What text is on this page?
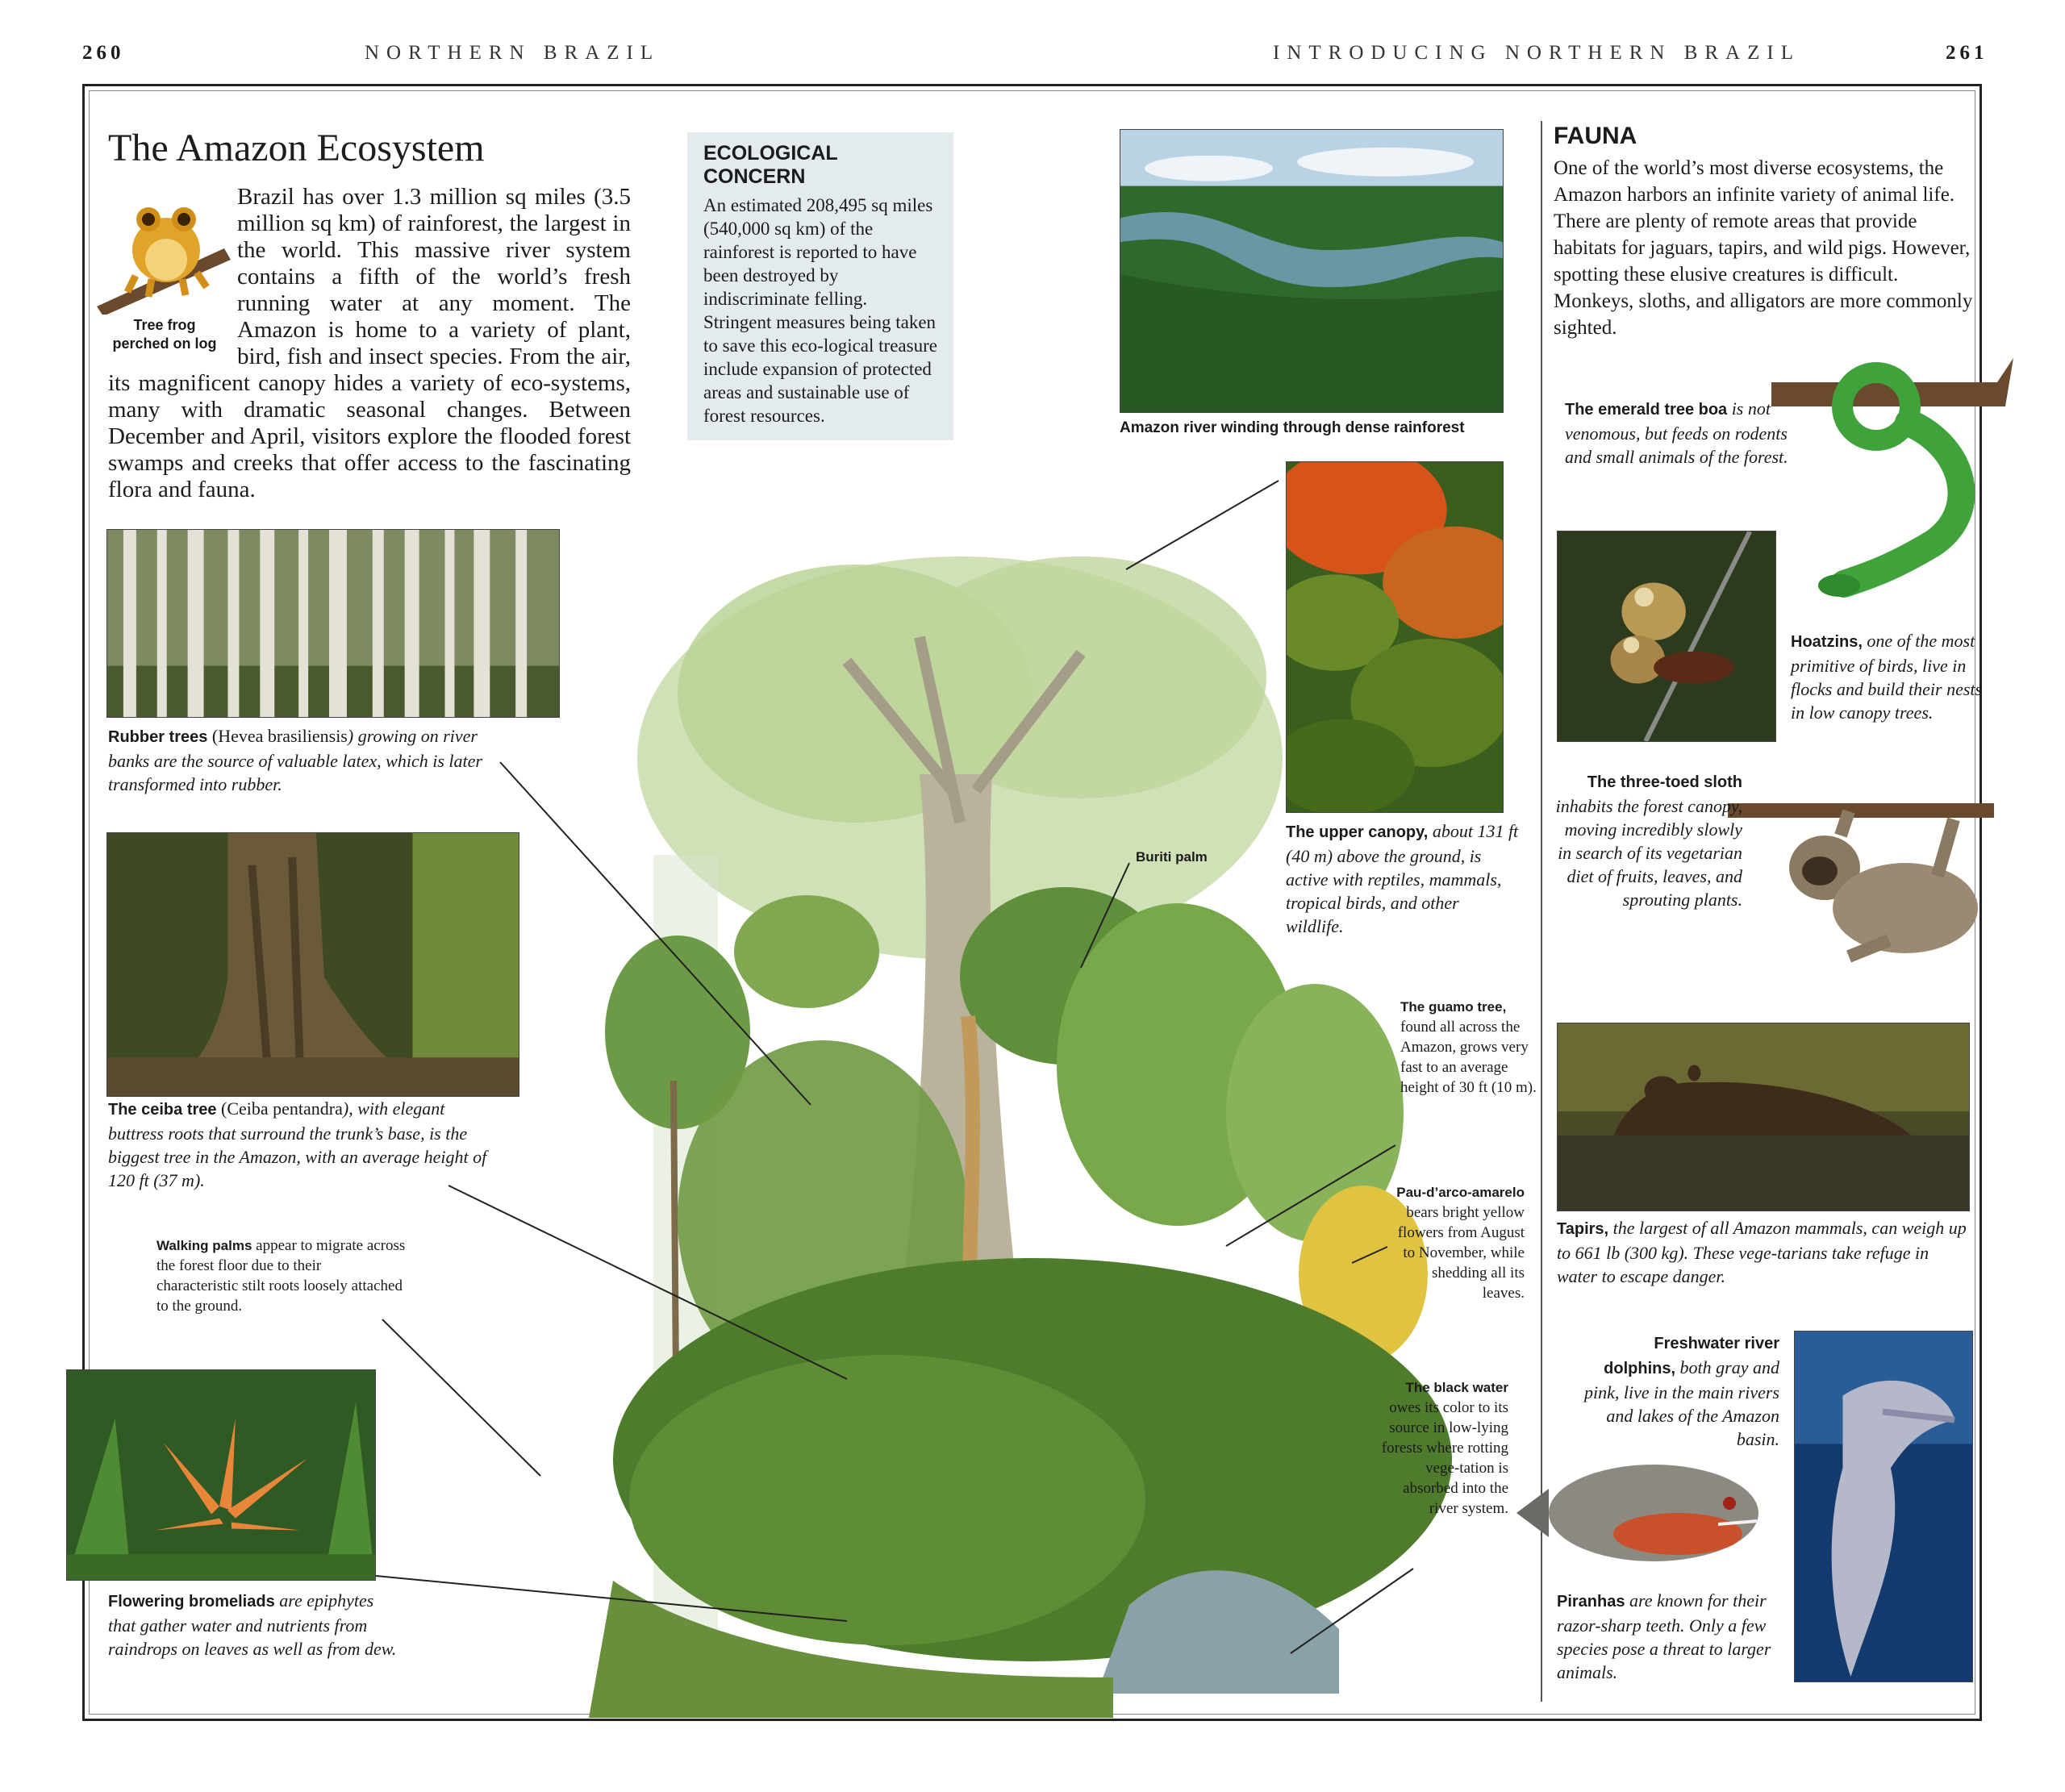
260	NORTHERN BRAZIL	INTRODUCING NORTHERN BRAZIL	261
The Amazon Ecosystem
Tree frog
perched on log
Brazil has over 1.3 million sq miles (3.5 million sq km) of rainforest, the largest in the world. This massive river system contains a fifth of the world’s fresh running water at any moment. The Amazon is home to a variety of plant, bird, fish and insect species. From the air, its magnificent canopy hides a variety of eco-systems, many with dramatic seasonal changes. Between December and April, visitors explore the flooded forest swamps and creeks that offer access to the fascinating flora and fauna.
ECOLOGICAL CONCERN
An estimated 208,495 sq miles (540,000 sq km) of the rainforest is reported to have been destroyed by indiscriminate felling. Stringent measures being taken to save this eco-logical treasure include expansion of protected areas and sustainable use of forest resources.
Amazon river winding through dense rainforest
Rubber trees (Hevea brasiliensis) growing on river banks are the source of valuable latex, which is later transformed into rubber.
The ceiba tree (Ceiba pentandra), with elegant buttress roots that surround the trunk’s base, is the biggest tree in the Amazon, with an average height of 120 ft (37 m).
Walking palms appear to migrate across the forest floor due to their characteristic stilt roots loosely attached to the ground.
Flowering bromeliads are epiphytes that gather water and nutrients from raindrops on leaves as well as from dew.
The upper canopy, about 131 ft (40 m) above the ground, is active with reptiles, mammals, tropical birds, and other wildlife.
Buriti palm
The guamo tree, found all across the Amazon, grows very fast to an average height of 30 ft (10 m).
Pau-d’arco-amarelo bears bright yellow flowers from August to November, while shedding all its leaves.
The black water owes its color to its source in low-lying forests where rotting vege-tation is absorbed into the river system.
FAUNA
One of the world’s most diverse ecosystems, the Amazon harbors an infinite variety of animal life. There are plenty of remote areas that provide habitats for jaguars, tapirs, and wild pigs. However, spotting these elusive creatures is difficult. Monkeys, sloths, and alligators are more commonly sighted.
The emerald tree boa is not venomous, but feeds on rodents and small animals of the forest.
Hoatzins, one of the most primitive of birds, live in flocks and build their nests in low canopy trees.
The three-toed sloth inhabits the forest canopy, moving incredibly slowly in search of its vegetarian diet of fruits, leaves, and sprouting plants.
Tapirs, the largest of all Amazon mammals, can weigh up to 661 lb (300 kg). These vege-tarians take refuge in water to escape danger.
Freshwater river dolphins, both gray and pink, live in the main rivers and lakes of the Amazon basin.
Piranhas are known for their razor-sharp teeth. Only a few species pose a threat to larger animals.
